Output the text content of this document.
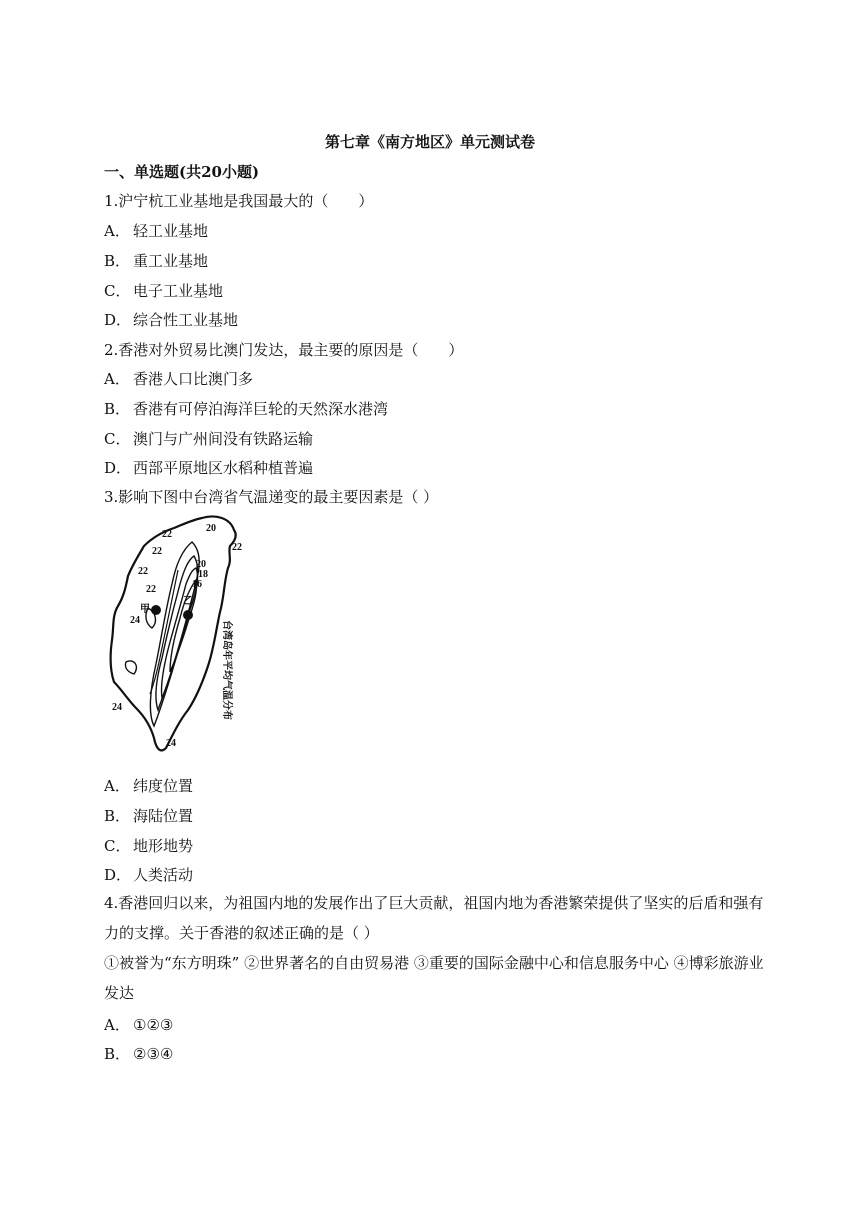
第七章《南方地区》单元测试卷
一、单选题(共20小题)
1.沪宁杭工业基地是我国最大的（　　）
A． 轻工业基地
B． 重工业基地
C． 电子工业基地
D． 综合性工业基地
2.香港对外贸易比澳门发达，最主要的原因是（　　）
A． 香港人口比澳门多
B． 香港有可停泊海洋巨轮的天然深水港湾
C． 澳门与广州间没有铁路运输
D． 西部平原地区水稻种植普遍
3.影响下图中台湾省气温递变的最主要因素是（ ）
甲
乙
20
22
22
22
22
22
20
18
16
24
24
24
台湾岛年平均气温分布
A． 纬度位置
B． 海陆位置
C． 地形地势
D． 人类活动
4.香港回归以来，为祖国内地的发展作出了巨大贡献，祖国内地为香港繁荣提供了坚实的后盾和强有力的支撑。关于香港的叙述正确的是（ ）
①被誉为“东方明珠” ②世界著名的自由贸易港 ③重要的国际金融中心和信息服务中心 ④博彩旅游业发达
A． ①②③
B． ②③④
